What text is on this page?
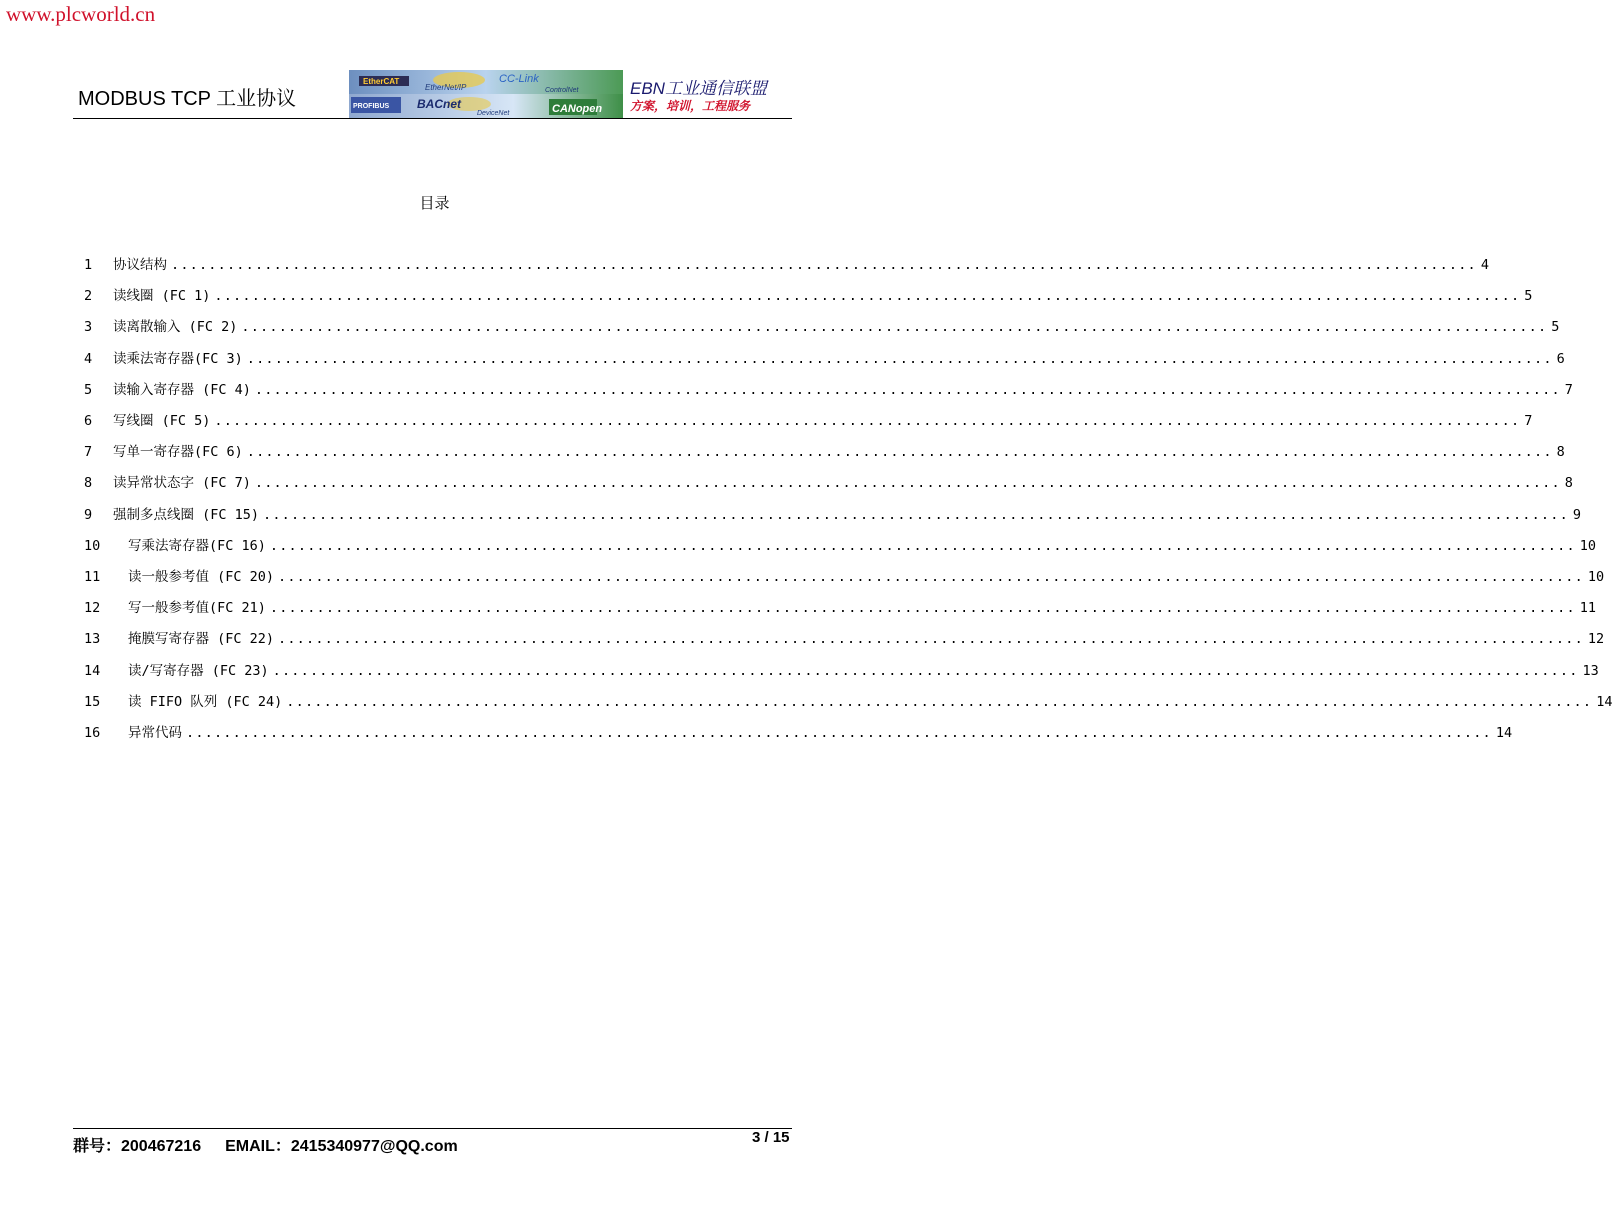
www.plcworld.cn
MODBUS TCP 工业协议
EtherCAT
EtherNet/IP
CC-Link
ControlNet
PROFIBUS BACnet
DeviceNet	CANopen
EBN工业通信联盟
方案，培训，工程服务
目录
1	协议结构 ............................................................................................................................................ 4
2	读线圈 (FC 1) ............................................................................................................................................ 5
3	读离散输入 (FC 2) ............................................................................................................................................ 5
4	读乘法寄存器(FC 3) ............................................................................................................................................ 6
5	读输入寄存器 (FC 4) ............................................................................................................................................ 7
6	写线圈 (FC 5) ............................................................................................................................................ 7
7	写单一寄存器(FC 6) ............................................................................................................................................ 8
8	读异常状态字 (FC 7) ............................................................................................................................................ 8
9	强制多点线圈 (FC 15) ............................................................................................................................................ 9
10	写乘法寄存器(FC 16) ............................................................................................................................................ 10
11	读一般参考值 (FC 20) ............................................................................................................................................ 10
12	写一般参考值(FC 21) ............................................................................................................................................ 11
13	掩膜写寄存器 (FC 22) ............................................................................................................................................ 12
14	读/写寄存器 (FC 23) ............................................................................................................................................ 13
15	读 FIFO 队列 (FC 24) ............................................................................................................................................ 14
16	异常代码 ............................................................................................................................................ 14
群号：200467216 EMAIL：2415340977@QQ.com
3 / 15
